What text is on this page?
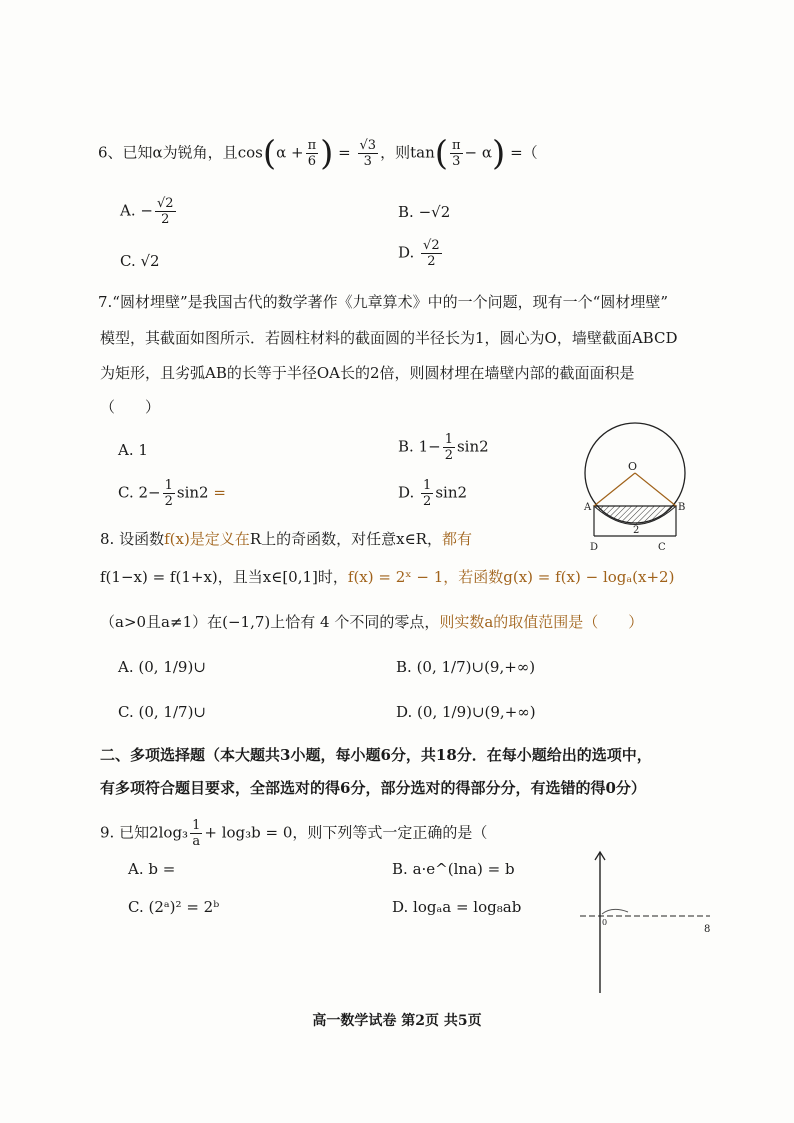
6、已知α为锐角，且$\cos(\alpha + \frac{\pi}{6}$ ) = $\frac{√3}{3}$ ，则$\tan( \frac{\pi}{3} - \alpha)$ =（
A. − $\frac{√2}{2}$	B. −√2
C. √2	D. $\frac{√2}{2}$
7.“圆材埋壁”是我国古代的数学著作《九章算术》中的一个问题，现有一个“圆材埋壁”
模型，其截面如图所示．若圆柱材料的截面圆的半径长为1，圆心为O，墙壁截面ABCD
为矩形，且劣弧AB的长等于半径OA长的2倍，则圆材埋在墙壁内部的截面面积是
（　　）
A. 1	B. $1- \frac{1}{2} \sin 2$
C. $2- \frac{1}{2} \sin 2$ =	D. $\frac{1}{2} \sin 2$
O
A	B
D	C
2
8. 设函数f(x)是定义在R上的奇函数，对任意x∈R，都有
f(1−x) = f(1+x)，且当x∈[0,1]时，f(x) = 2ˣ − 1，若函数g(x) = f(x) − logₐ(x+2)
（a>0且a≠1）在(−1,7)上恰有 4 个不同的零点，则实数a的取值范围是（　　）
A. (0, 1/9)∪	B. (0, 1/7)∪(9,+∞)
C. (0, 1/7)∪	D. (0, 1/9)∪(9,+∞)
二、多项选择题（本大题共3小题，每小题6分，共18分．在每小题给出的选项中，
有多项符合题目要求，全部选对的得6分，部分选对的得部分分，有选错的得0分）
9. 已知$2\log_3 \frac{1}{a} + \log_3b = 0$，则下列等式一定正确的是（
A. b =	B. a·e^(lna) = b
C. (2ᵃ)² = 2ᵇ	D. logₐa = log₈ab
0
8
高一数学试卷 第2页 共5页
